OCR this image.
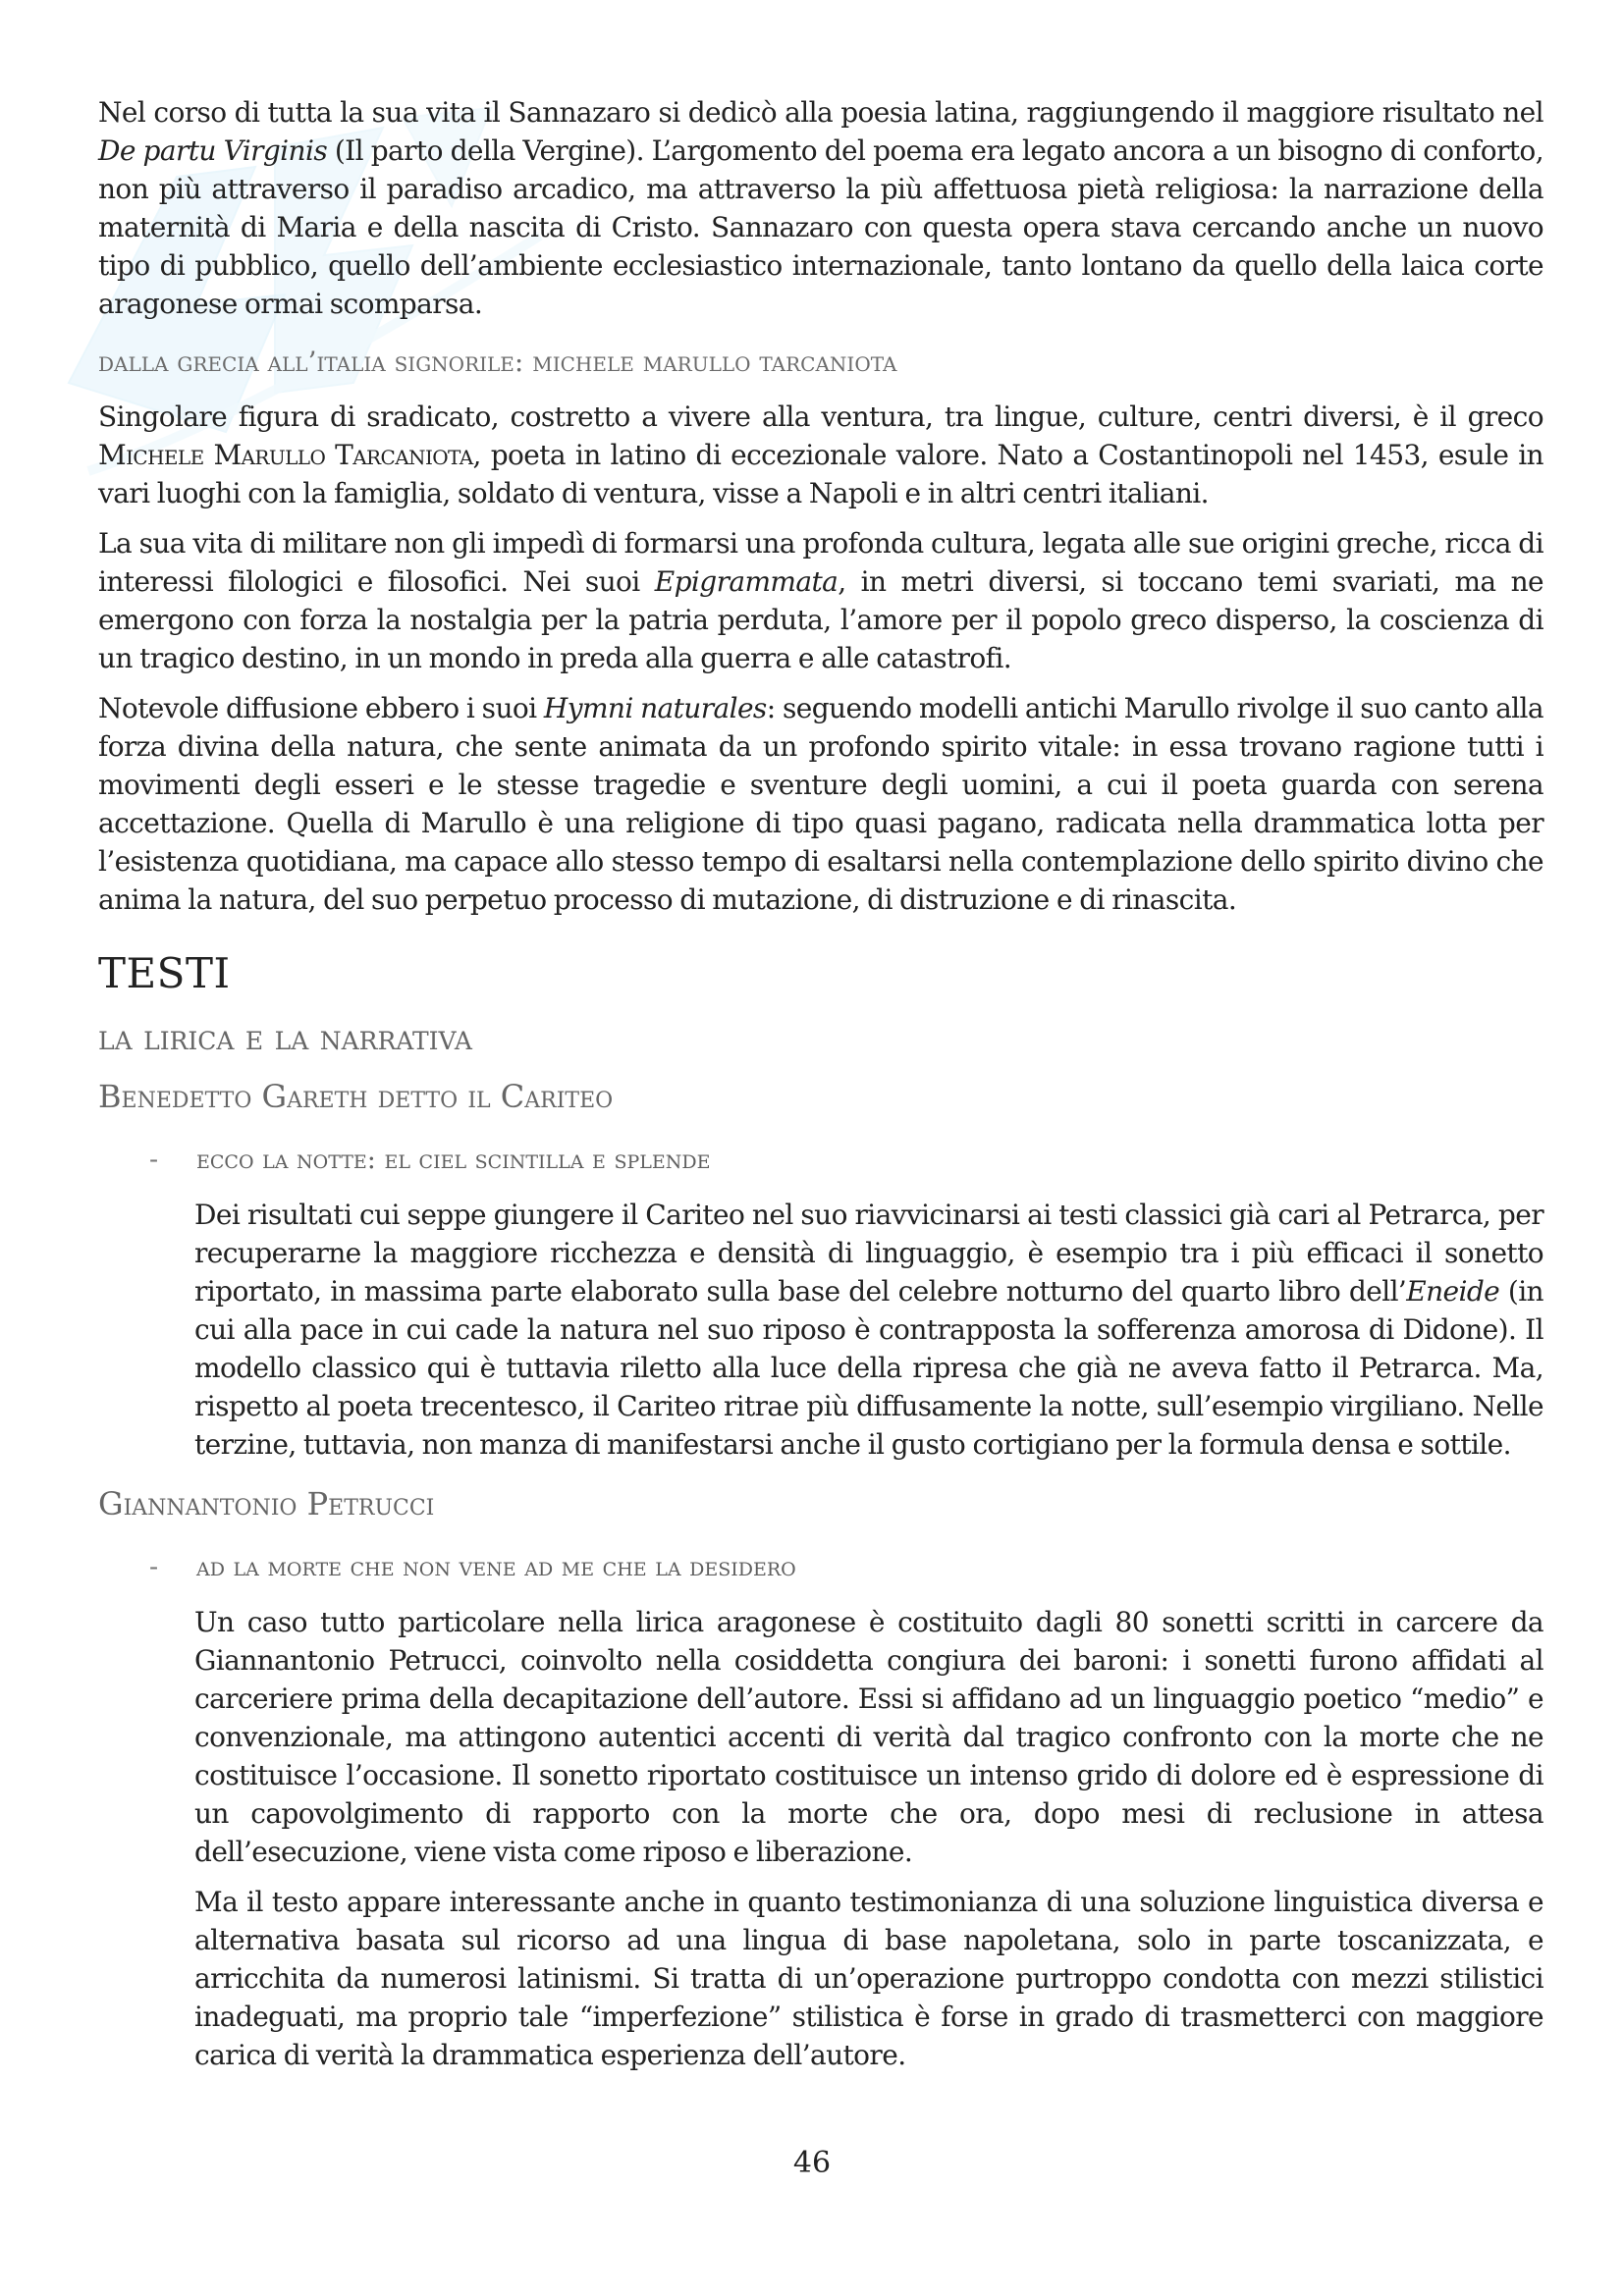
Nel corso di tutta la sua vita il Sannazaro si dedicò alla poesia latina, raggiungendo il maggiore risultato nel De partu Virginis (Il parto della Vergine). L’argomento del poema era legato ancora a un bisogno di conforto, non più attraverso il paradiso arcadico, ma attraverso la più affettuosa pietà religiosa: la narrazione della maternità di Maria e della nascita di Cristo. Sannazaro con questa opera stava cercando anche un nuovo tipo di pubblico, quello dell’ambiente ecclesiastico internazionale, tanto lontano da quello della laica corte aragonese ormai scomparsa.

dalla grecia all’italia signorile: michele marullo tarcaniota

Singolare figura di sradicato, costretto a vivere alla ventura, tra lingue, culture, centri diversi, è il greco Michele Marullo Tarcaniota, poeta in latino di eccezionale valore. Nato a Costantinopoli nel 1453, esule in vari luoghi con la famiglia, soldato di ventura, visse a Napoli e in altri centri italiani.

La sua vita di militare non gli impedì di formarsi una profonda cultura, legata alle sue origini greche, ricca di interessi filologici e filosofici. Nei suoi Epigrammata, in metri diversi, si toccano temi svariati, ma ne emergono con forza la nostalgia per la patria perduta, l’amore per il popolo greco disperso, la coscienza di un tragico destino, in un mondo in preda alla guerra e alle catastrofi.

Notevole diffusione ebbero i suoi Hymni naturales: seguendo modelli antichi Marullo rivolge il suo canto alla forza divina della natura, che sente animata da un profondo spirito vitale: in essa trovano ragione tutti i movimenti degli esseri e le stesse tragedie e sventure degli uomini, a cui il poeta guarda con serena accettazione. Quella di Marullo è una religione di tipo quasi pagano, radicata nella drammatica lotta per l’esistenza quotidiana, ma capace allo stesso tempo di esaltarsi nella contemplazione dello spirito divino che anima la natura, del suo perpetuo processo di mutazione, di distruzione e di rinascita.

TESTI
la lirica e la narrativa
Benedetto Gareth detto il Cariteo
-	ecco la notte: el ciel scintilla e splende

Dei risultati cui seppe giungere il Cariteo nel suo riavvicinarsi ai testi classici già cari al Petrarca, per recuperarne la maggiore ricchezza e densità di linguaggio, è esempio tra i più efficaci il sonetto riportato, in massima parte elaborato sulla base del celebre notturno del quarto libro dell’Eneide (in cui alla pace in cui cade la natura nel suo riposo è contrapposta la sofferenza amorosa di Didone). Il modello classico qui è tuttavia riletto alla luce della ripresa che già ne aveva fatto il Petrarca. Ma, rispetto al poeta trecentesco, il Cariteo ritrae più diffusamente la notte, sull’esempio virgiliano. Nelle terzine, tuttavia, non manza di manifestarsi anche il gusto cortigiano per la formula densa e sottile.

Giannantonio Petrucci
-	ad la morte che non vene ad me che la desidero

Un caso tutto particolare nella lirica aragonese è costituito dagli 80 sonetti scritti in carcere da Giannantonio Petrucci, coinvolto nella cosiddetta congiura dei baroni: i sonetti furono affidati al carceriere prima della decapitazione dell’autore. Essi si affidano ad un linguaggio poetico “medio” e convenzionale, ma attingono autentici accenti di verità dal tragico confronto con la morte che ne costituisce l’occasione. Il sonetto riportato costituisce un intenso grido di dolore ed è espressione di un capovolgimento di rapporto con la morte che ora, dopo mesi di reclusione in attesa dell’esecuzione, viene vista come riposo e liberazione.

Ma il testo appare interessante anche in quanto testimonianza di una soluzione linguistica diversa e alternativa basata sul ricorso ad una lingua di base napoletana, solo in parte toscanizzata, e arricchita da numerosi latinismi. Si tratta di un’operazione purtroppo condotta con mezzi stilistici inadeguati, ma proprio tale “imperfezione” stilistica è forse in grado di trasmetterci con maggiore carica di verità la drammatica esperienza dell’autore.

46
